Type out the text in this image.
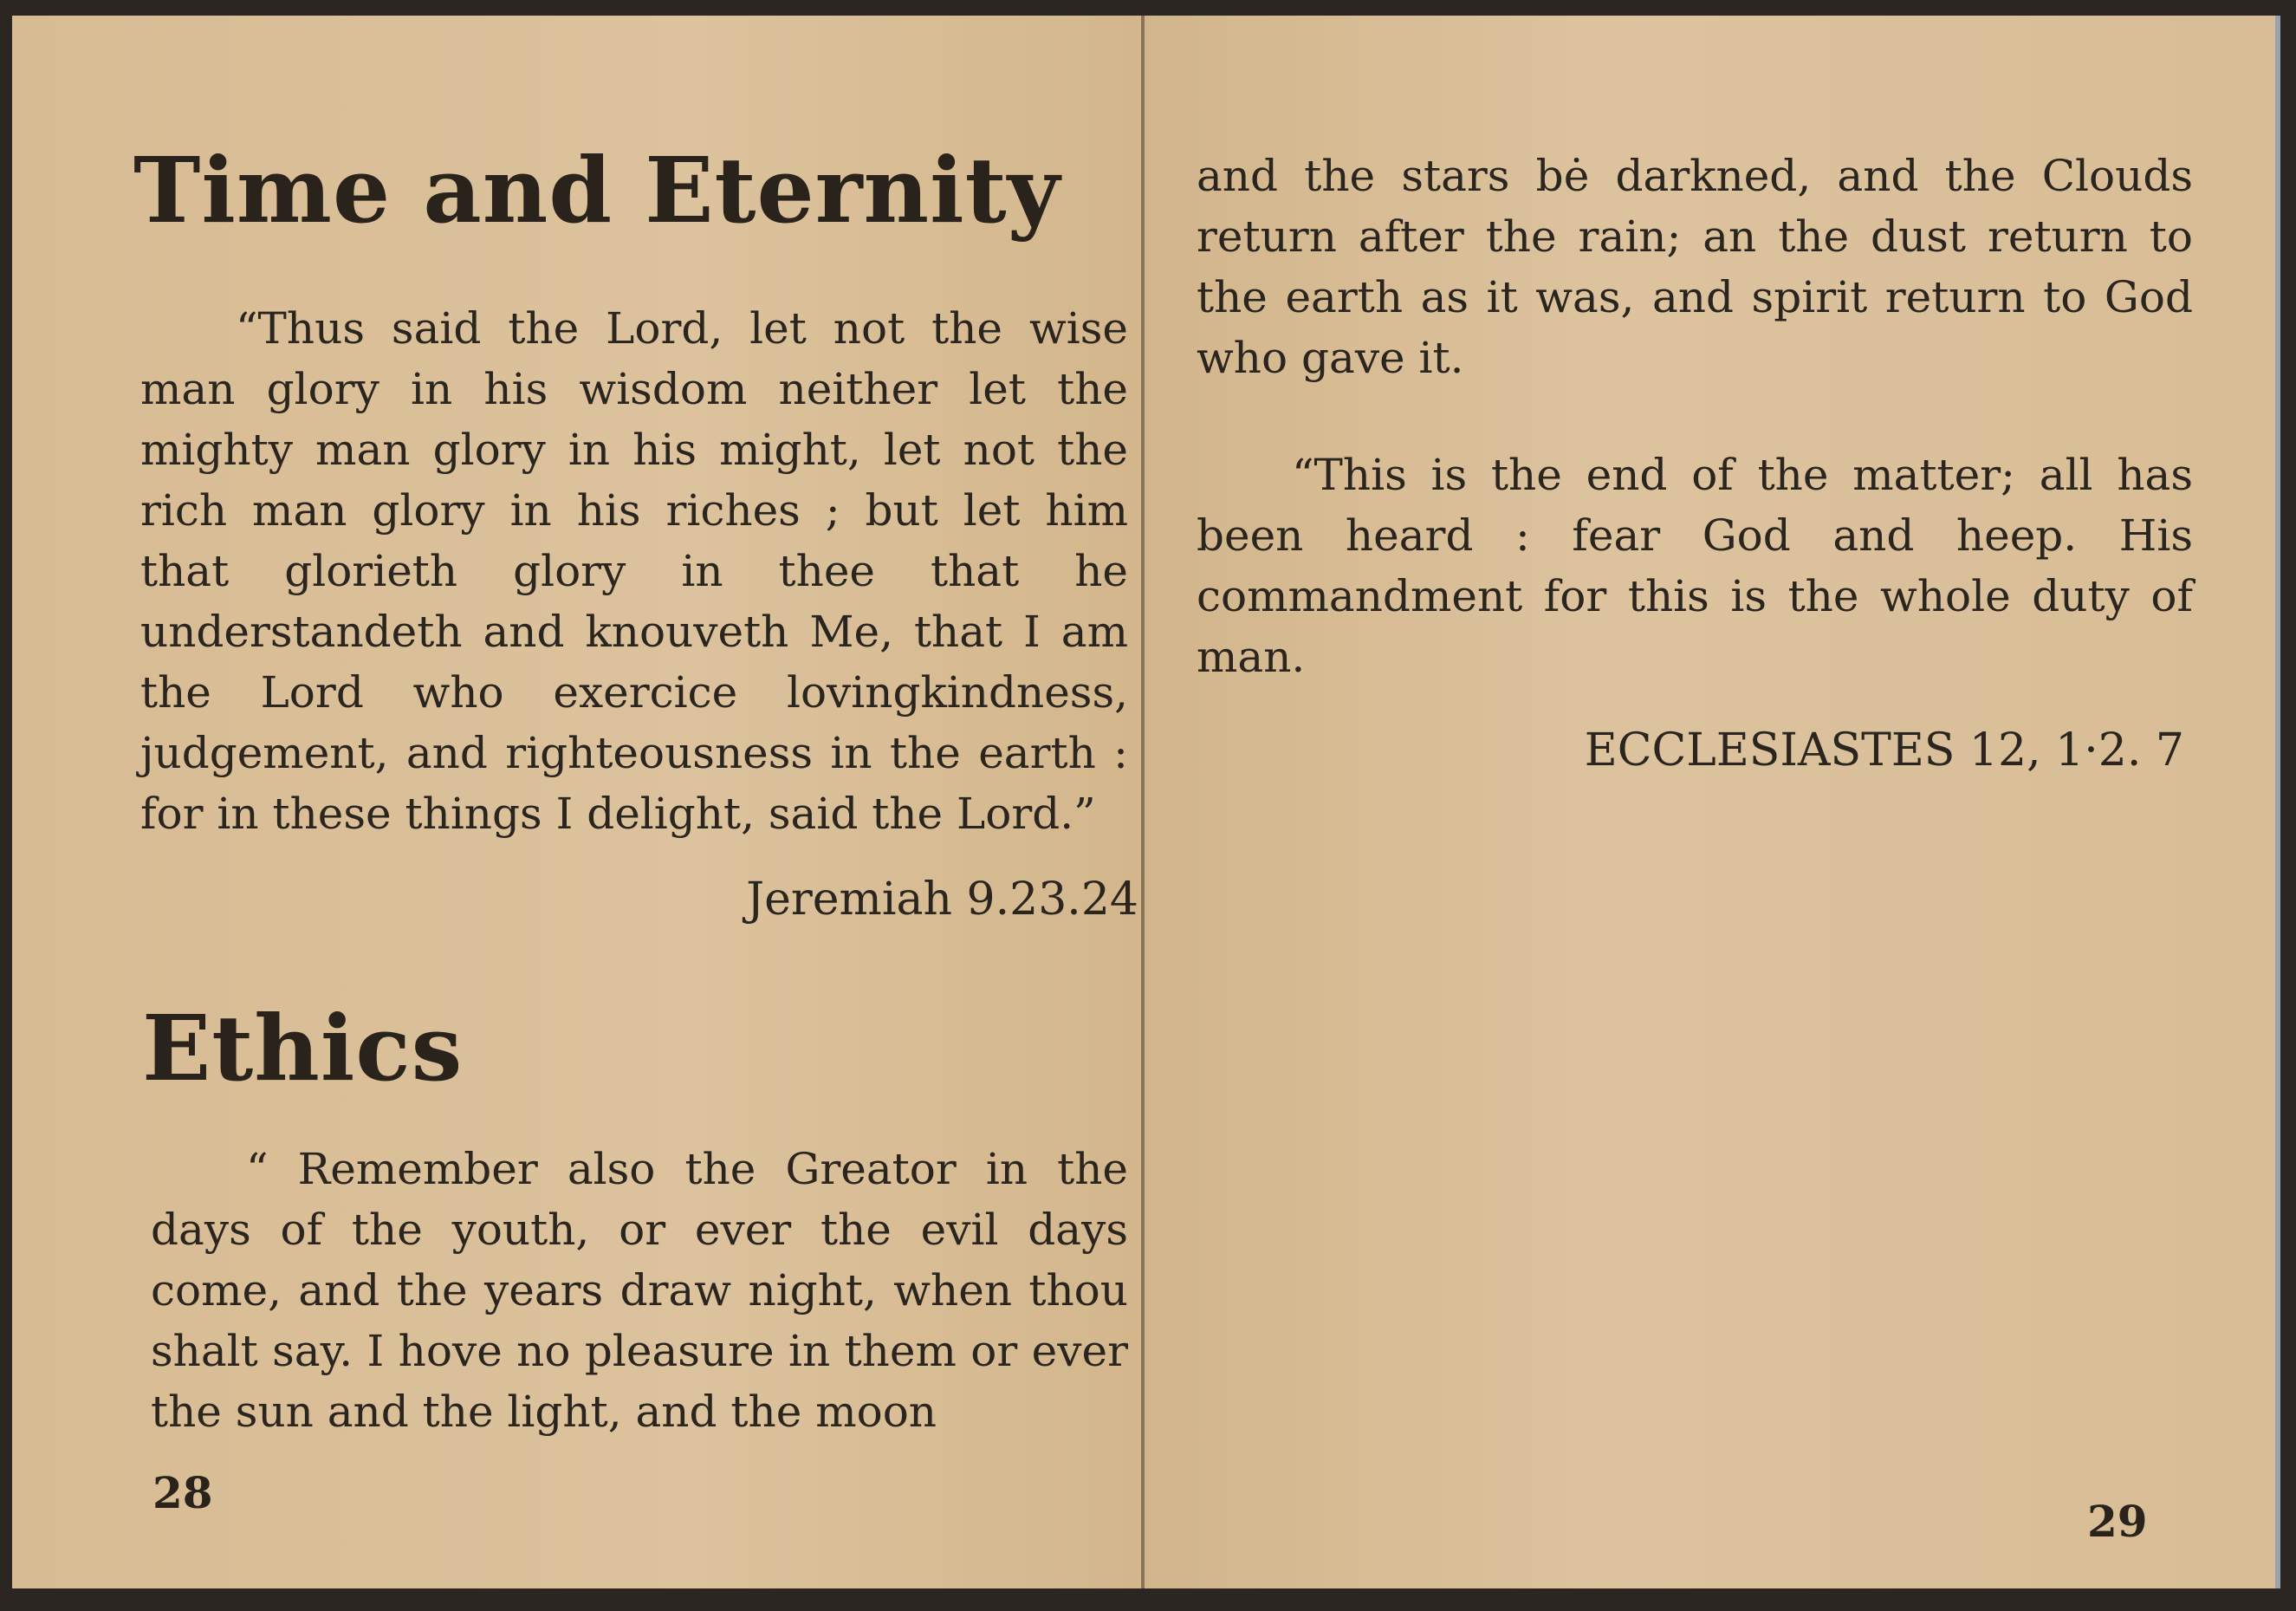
Time and Eternity

“Thus said the Lord, let not the wise man glory in his wisdom neither let the mighty man glory in his might, let not the rich man glory in his riches ; but let him that glorieth glory in thee that he understandeth and knouveth Me, that I am the Lord who exercice lovingkindness, judgement, and righteousness in the earth : for in these things I delight, said the Lord.”

Jeremiah 9.23.24

Ethics

“ Remember also the Greator in the days of the youth, or ever the evil days come, and the years draw night, when thou shalt say. I hove no pleasure in them or ever the sun and the light, and the moon

28

and the stars bė darkned, and the Clouds return after the rain; an the dust return to the earth as it was, and spirit return to God who gave it.

“This is the end of the matter; all has been heard : fear God and heep. His commandment for this is the whole duty of man.

ECCLESIASTES 12, 1·2. 7

29
